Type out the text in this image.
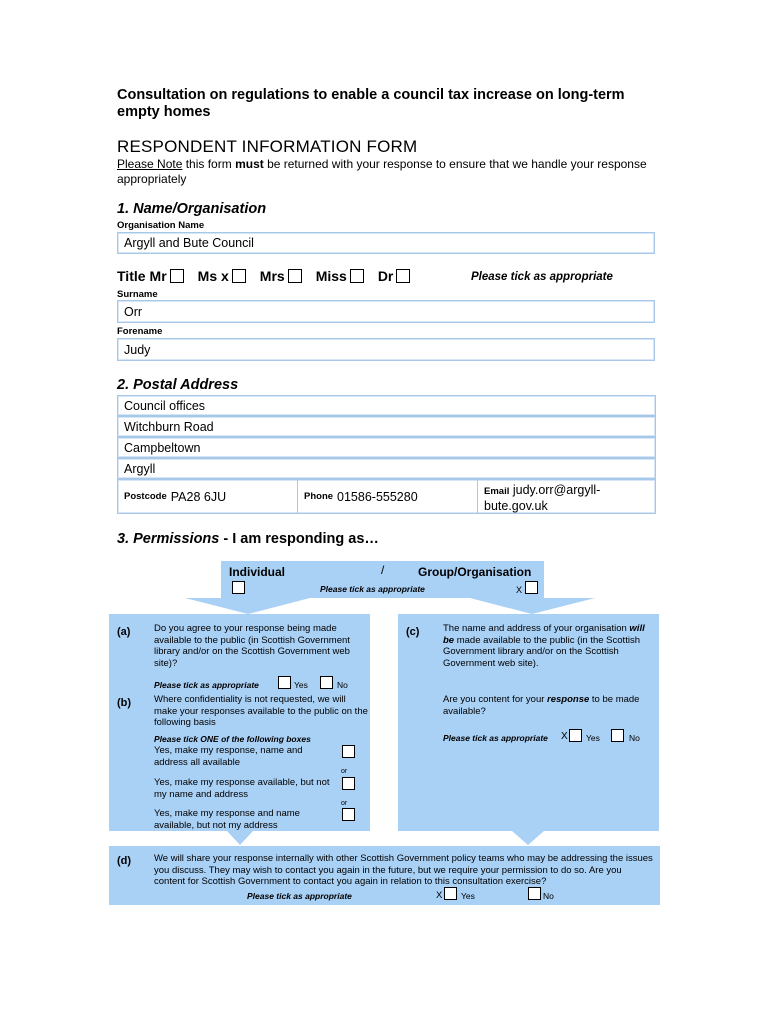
Consultation on regulations to enable a council tax increase on long-term empty homes
RESPONDENT INFORMATION FORM
Please Note this form must be returned with your response to ensure that we handle your response appropriately
1. Name/Organisation
Organisation Name
Argyll and Bute Council
Title Mr Ms x Mrs Miss Dr	Please tick as appropriate
Surname
Orr
Forename
Judy
2. Postal Address
Council offices
Witchburn Road
Campbeltown
Argyll
Postcode PA28 6JU	Phone 01586-555280	Email judy.orr@argyll-
bute.gov.uk
3. Permissions - I am responding as…
Individual	/	Group/Organisation
Please tick as appropriate	X
(a) Do you agree to your response being made available to the public (in Scottish Government library and/or on the Scottish Government web site)?
Please tick as appropriate	Yes	No
(b) Where confidentiality is not requested, we will make your responses available to the public on the following basis
Please tick ONE of the following boxes
Yes, make my response, name and address all available
or
Yes, make my response available, but not my name and address
or
Yes, make my response and name available, but not my address
(c) The name and address of your organisation will be made available to the public (in the Scottish Government library and/or on the Scottish Government web site).
Are you content for your response to be made available?
Please tick as appropriate X Yes	No
(d) We will share your response internally with other Scottish Government policy teams who may be addressing the issues you discuss. They may wish to contact you again in the future, but we require your permission to do so. Are you content for Scottish Government to contact you again in relation to this consultation exercise?
Please tick as appropriate	X Yes	No
